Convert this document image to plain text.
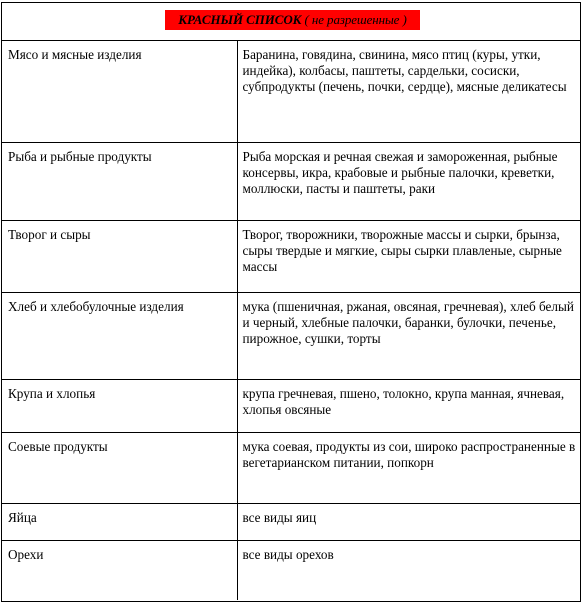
КРАСНЫЙ СПИСОК ( не разрешенные )
Мясо и мясные изделия	Баранина, говядина, свинина, мясо птиц (куры, утки, индейка), колбасы, паштеты, сардельки, сосиски, субпродукты (печень, почки, сердце), мясные деликатесы
Рыба и рыбные продукты	Рыба морская и речная свежая и замороженная, рыбные консервы, икра, крабовые и рыбные палочки, креветки, моллюски, пасты и паштеты, раки
Творог и сыры	Творог, творожники, творожные массы и сырки, брынза, сыры твердые и мягкие, сыры сырки плавленые, сырные массы
Хлеб и хлебобулочные изделия	мука (пшеничная, ржаная, овсяная, гречневая), хлеб белый и черный, хлебные палочки, баранки, булочки, печенье, пирожное, сушки, торты
Крупа и хлопья	крупа гречневая, пшено, толокно, крупа манная, ячневая, хлопья овсяные
Соевые продукты	мука соевая, продукты из сои, широко распространенные в вегетарианском питании, попкорн
Яйца	все виды яиц
Орехи	все виды орехов
